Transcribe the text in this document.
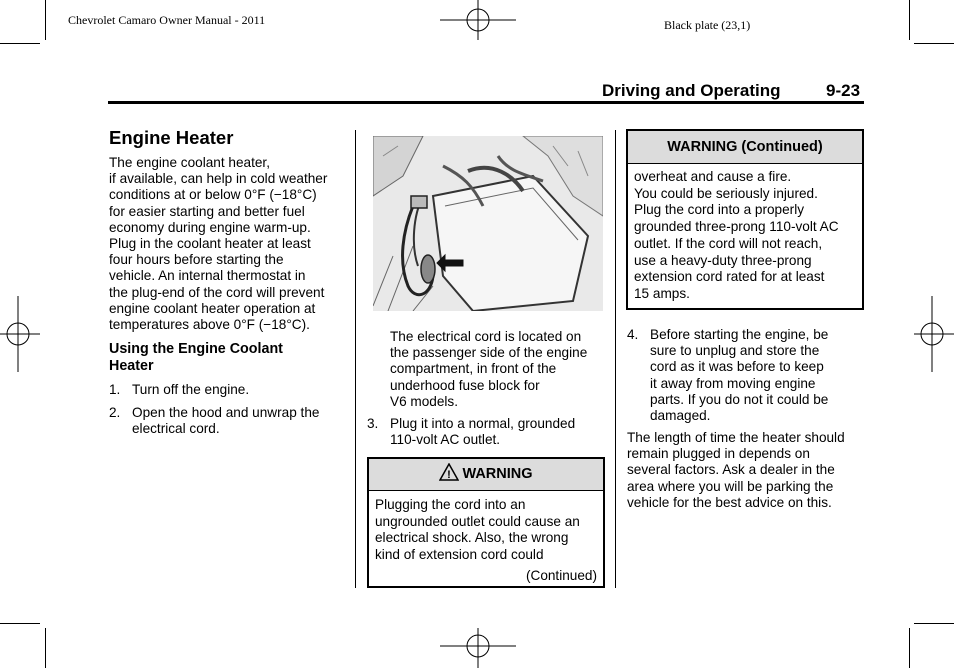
Chevrolet Camaro Owner Manual - 2011	Black plate (23,1)
Driving and Operating	9-23
Engine Heater
The engine coolant heater,
if available, can help in cold weather
conditions at or below 0°F (−18°C)
for easier starting and better fuel
economy during engine warm-up.
Plug in the coolant heater at least
four hours before starting the
vehicle. An internal thermostat in
the plug-end of the cord will prevent
engine coolant heater operation at
temperatures above 0°F (−18°C).
Using the Engine Coolant
Heater
1. Turn off the engine.
2. Open the hood and unwrap the
electrical cord.
The electrical cord is located on
the passenger side of the engine
compartment, in front of the
underhood fuse block for
V6 models.
3. Plug it into a normal, grounded
110-volt AC outlet.
! WARNING
Plugging the cord into an
ungrounded outlet could cause an
electrical shock. Also, the wrong
kind of extension cord could
(Continued)
WARNING (Continued)
overheat and cause a fire.
You could be seriously injured.
Plug the cord into a properly
grounded three-prong 110-volt AC
outlet. If the cord will not reach,
use a heavy-duty three-prong
extension cord rated for at least
15 amps.
4. Before starting the engine, be
sure to unplug and store the
cord as it was before to keep
it away from moving engine
parts. If you do not it could be
damaged.
The length of time the heater should
remain plugged in depends on
several factors. Ask a dealer in the
area where you will be parking the
vehicle for the best advice on this.
